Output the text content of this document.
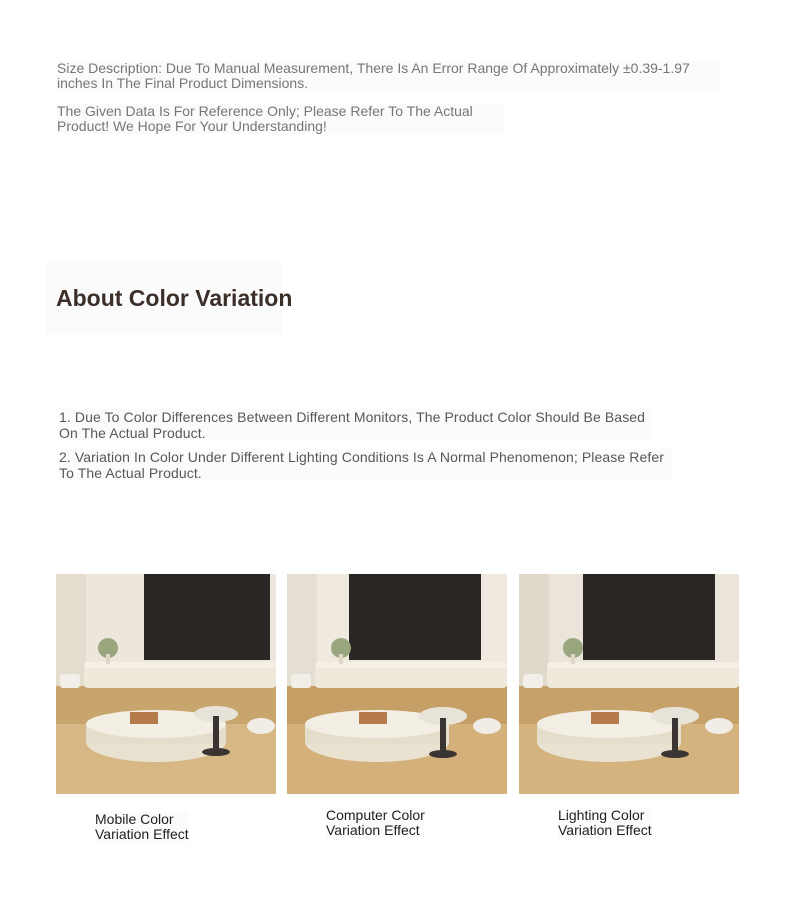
Size Description: Due To Manual Measurement, There Is An Error Range Of Approximately ±0.39-1.97 inches In The Final Product Dimensions.
The Given Data Is For Reference Only; Please Refer To The Actual Product! We Hope For Your Understanding!
About Color Variation
1. Due To Color Differences Between Different Monitors, The Product Color Should Be Based On The Actual Product.
2. Variation In Color Under Different Lighting Conditions Is A Normal Phenomenon; Please Refer To The Actual Product.
Mobile Color
Variation Effect
Computer Color
Variation Effect
Lighting Color
Variation Effect
